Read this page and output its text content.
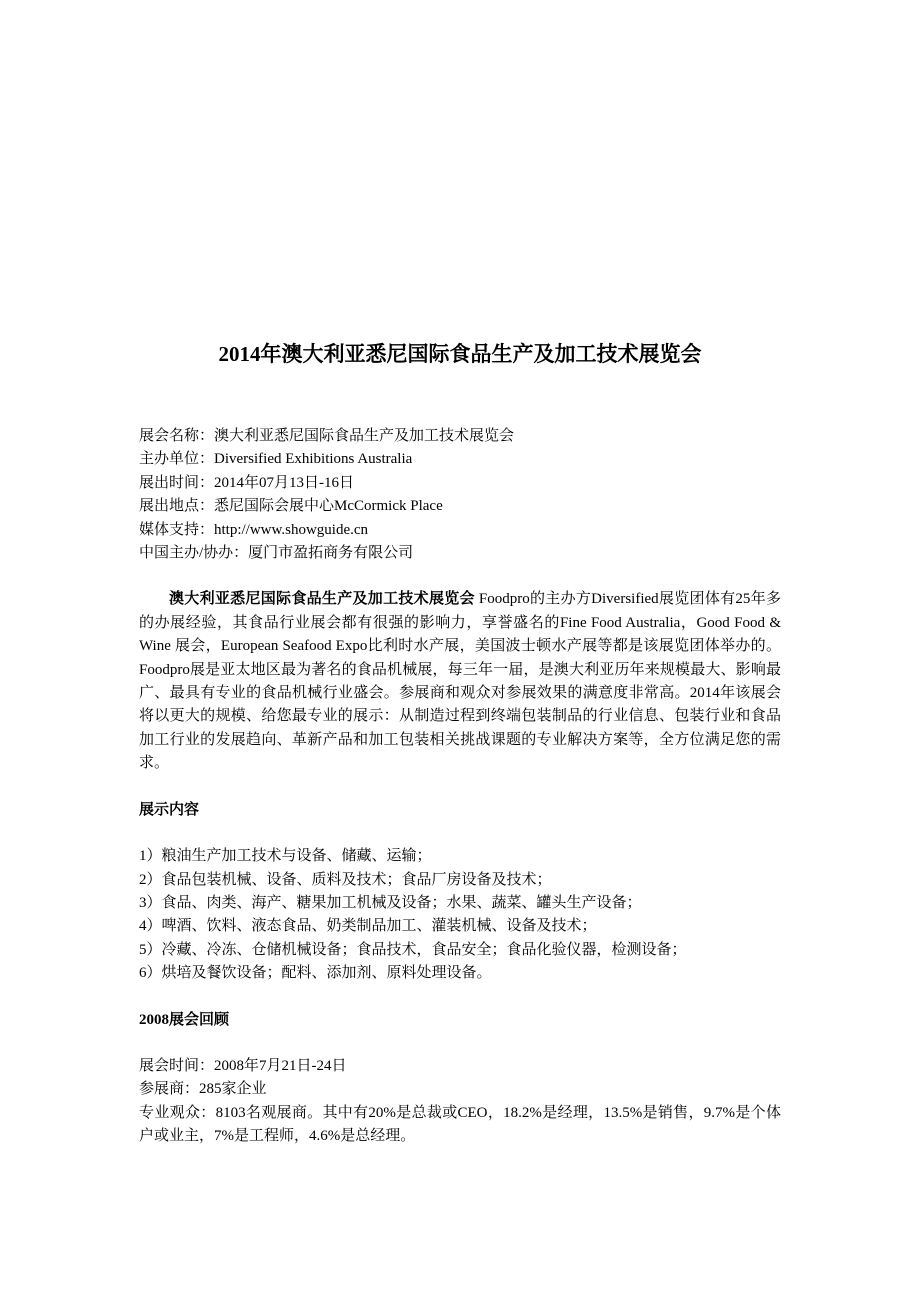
2014年澳大利亚悉尼国际食品生产及加工技术展览会
展会名称：澳大利亚悉尼国际食品生产及加工技术展览会
主办单位：Diversified Exhibitions Australia
展出时间：2014年07月13日-16日
展出地点：悉尼国际会展中心McCormick Place
媒体支持：http://www.showguide.cn
中国主办/协办：厦门市盈拓商务有限公司

澳大利亚悉尼国际食品生产及加工技术展览会 Foodpro的主办方Diversified展览团体有25年多的办展经验，其食品行业展会都有很强的影响力，享誉盛名的Fine Food Australia，Good Food & Wine 展会，European Seafood Expo比利时水产展，美国波士顿水产展等都是该展览团体举办的。Foodpro展是亚太地区最为著名的食品机械展，每三年一届，是澳大利亚历年来规模最大、影响最广、最具有专业的食品机械行业盛会。参展商和观众对参展效果的满意度非常高。2014年该展会将以更大的规模、给您最专业的展示：从制造过程到终端包装制品的行业信息、包装行业和食品加工行业的发展趋向、革新产品和加工包装相关挑战课题的专业解决方案等，全方位满足您的需求。

展示内容
1）粮油生产加工技术与设备、储藏、运输；
2）食品包装机械、设备、质料及技术；食品厂房设备及技术；
3）食品、肉类、海产、糖果加工机械及设备；水果、蔬菜、罐头生产设备；
4）啤酒、饮料、液态食品、奶类制品加工、灌装机械、设备及技术；
5）冷藏、冷冻、仓储机械设备；食品技术，食品安全；食品化验仪器，检测设备；
6）烘培及餐饮设备；配料、添加剂、原料处理设备。
2008展会回顾
展会时间：2008年7月21日-24日
参展商：285家企业
专业观众：8103名观展商。其中有20%是总裁或CEO，18.2%是经理，13.5%是销售，9.7%是个体户或业主，7%是工程师，4.6%是总经理。
